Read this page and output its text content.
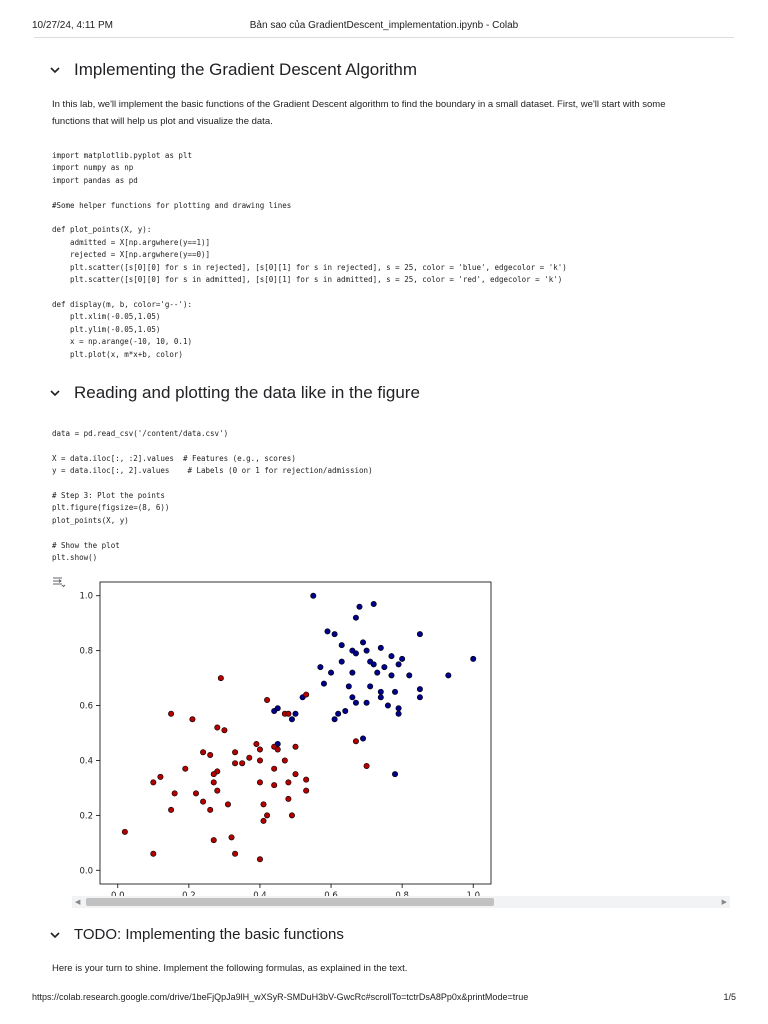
10/27/24, 4:11 PM	Bản sao của GradientDescent_implementation.ipynb - Colab
Implementing the Gradient Descent Algorithm
In this lab, we'll implement the basic functions of the Gradient Descent algorithm to find the boundary in a small dataset. First, we'll start with some functions that will help us plot and visualize the data.
import matplotlib.pyplot as plt
import numpy as np
import pandas as pd

#Some helper functions for plotting and drawing lines

def plot_points(X, y):
admitted = X[np.argwhere(y==1)]
rejected = X[np.argwhere(y==0)]
plt.scatter([s[0][0] for s in rejected], [s[0][1] for s in rejected], s = 25, color = 'blue', edgecolor = 'k')
plt.scatter([s[0][0] for s in admitted], [s[0][1] for s in admitted], s = 25, color = 'red', edgecolor = 'k')

def display(m, b, color='g--'):
plt.xlim(-0.05,1.05)
plt.ylim(-0.05,1.05)
x = np.arange(-10, 10, 0.1)
plt.plot(x, m*x+b, color)
Reading and plotting the data like in the figure
data = pd.read_csv('/content/data.csv')

X = data.iloc[:, :2].values  # Features (e.g., scores)
y = data.iloc[:, 2].values    # Labels (0 or 1 for rejection/admission)

# Step 3: Plot the points
plt.figure(figsize=(8, 6))
plot_points(X, y)

# Show the plot
plt.show()
0.0
0.2
0.4
0.6
0.8
1.0
◀	▶
TODO: Implementing the basic functions
Here is your turn to shine. Implement the following formulas, as explained in the text.
https://colab.research.google.com/drive/1beFjQpJa9lH_wXSyR-SMDuH3bV-GwcRc#scrollTo=tctrDsA8Pp0x&printMode=true	1/5
